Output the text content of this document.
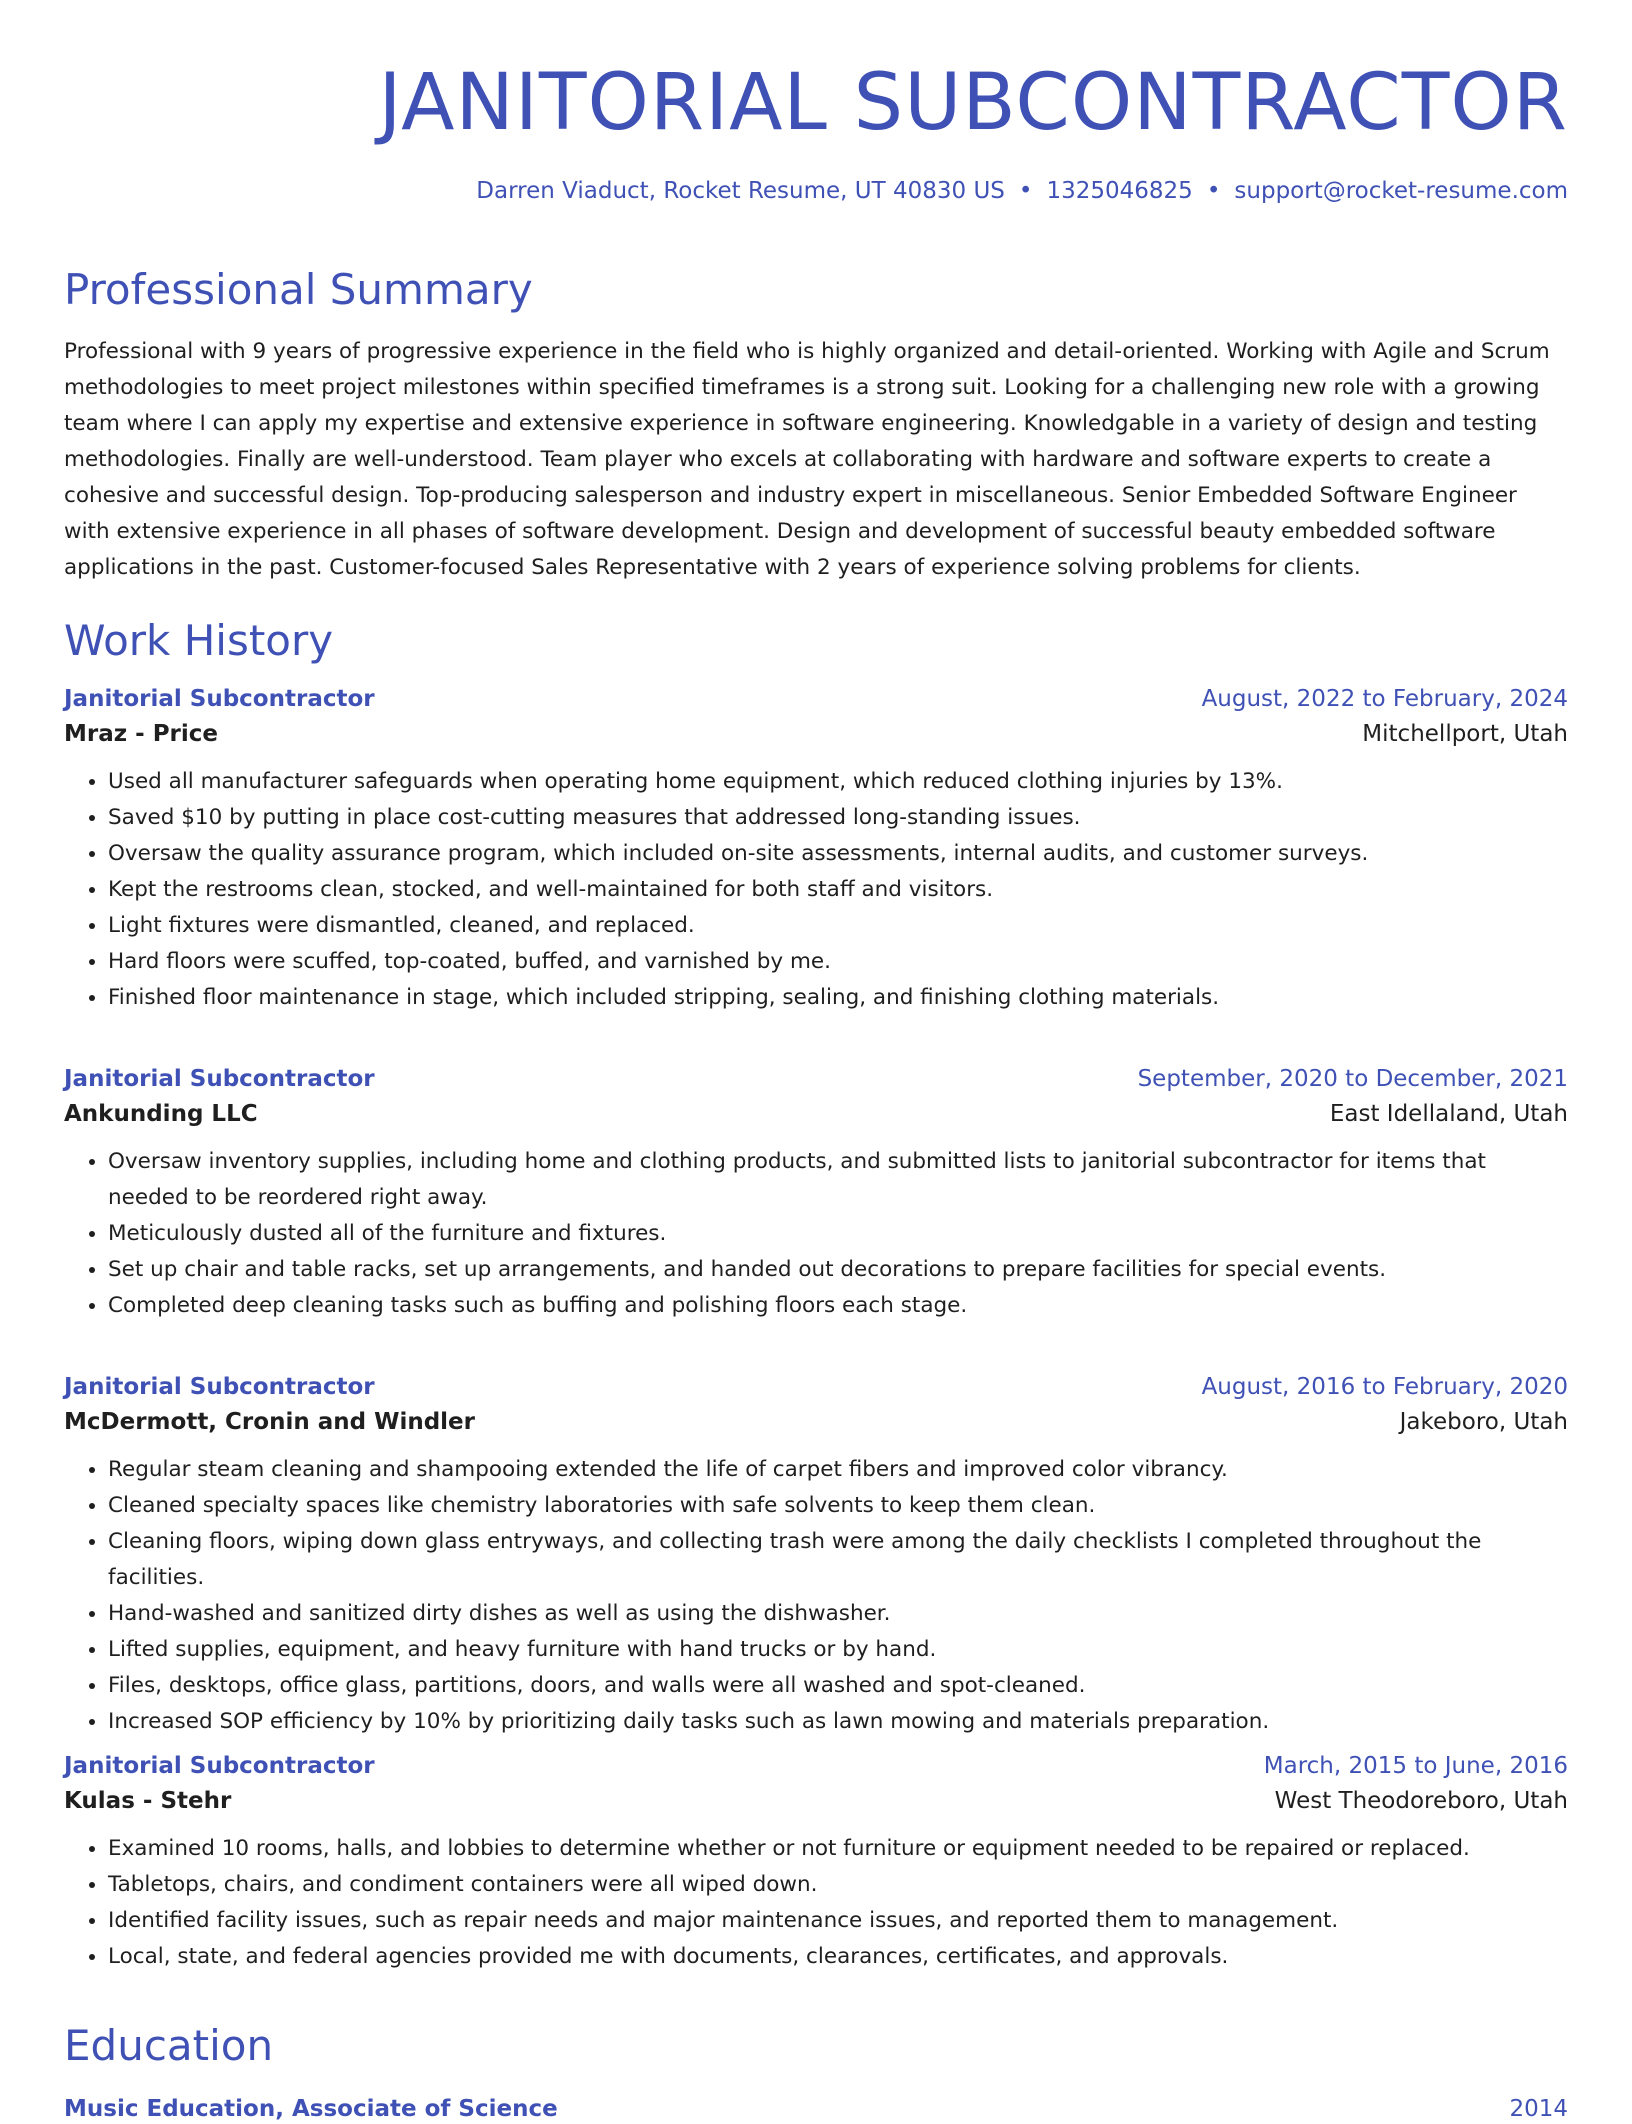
JANITORIAL SUBCONTRACTOR
Darren Viaduct, Rocket Resume, UT 40830 US • 1325046825 • support@rocket-resume.com
Professional Summary
Professional with 9 years of progressive experience in the field who is highly organized and detail-oriented. Working with Agile and Scrum methodologies to meet project milestones within specified timeframes is a strong suit. Looking for a challenging new role with a growing team where I can apply my expertise and extensive experience in software engineering. Knowledgable in a variety of design and testing methodologies. Finally are well-understood. Team player who excels at collaborating with hardware and software experts to create a cohesive and successful design. Top-producing salesperson and industry expert in miscellaneous. Senior Embedded Software Engineer with extensive experience in all phases of software development. Design and development of successful beauty embedded software applications in the past. Customer-focused Sales Representative with 2 years of experience solving problems for clients.
Work History
Janitorial Subcontractor	August, 2022 to February, 2024
Mraz - Price	Mitchellport, Utah
• Used all manufacturer safeguards when operating home equipment, which reduced clothing injuries by 13%.
• Saved $10 by putting in place cost-cutting measures that addressed long-standing issues.
• Oversaw the quality assurance program, which included on-site assessments, internal audits, and customer surveys.
• Kept the restrooms clean, stocked, and well-maintained for both staff and visitors.
• Light fixtures were dismantled, cleaned, and replaced.
• Hard floors were scuffed, top-coated, buffed, and varnished by me.
• Finished floor maintenance in stage, which included stripping, sealing, and finishing clothing materials.
Janitorial Subcontractor	September, 2020 to December, 2021
Ankunding LLC	East Idellaland, Utah
• Oversaw inventory supplies, including home and clothing products, and submitted lists to janitorial subcontractor for items that needed to be reordered right away.
• Meticulously dusted all of the furniture and fixtures.
• Set up chair and table racks, set up arrangements, and handed out decorations to prepare facilities for special events.
• Completed deep cleaning tasks such as buffing and polishing floors each stage.
Janitorial Subcontractor	August, 2016 to February, 2020
McDermott, Cronin and Windler	Jakeboro, Utah
• Regular steam cleaning and shampooing extended the life of carpet fibers and improved color vibrancy.
• Cleaned specialty spaces like chemistry laboratories with safe solvents to keep them clean.
• Cleaning floors, wiping down glass entryways, and collecting trash were among the daily checklists I completed throughout the facilities.
• Hand-washed and sanitized dirty dishes as well as using the dishwasher.
• Lifted supplies, equipment, and heavy furniture with hand trucks or by hand.
• Files, desktops, office glass, partitions, doors, and walls were all washed and spot-cleaned.
• Increased SOP efficiency by 10% by prioritizing daily tasks such as lawn mowing and materials preparation.
Janitorial Subcontractor	March, 2015 to June, 2016
Kulas - Stehr	West Theodoreboro, Utah
• Examined 10 rooms, halls, and lobbies to determine whether or not furniture or equipment needed to be repaired or replaced.
• Tabletops, chairs, and condiment containers were all wiped down.
• Identified facility issues, such as repair needs and major maintenance issues, and reported them to management.
• Local, state, and federal agencies provided me with documents, clearances, certificates, and approvals.
Education
Music Education, Associate of Science	2014
